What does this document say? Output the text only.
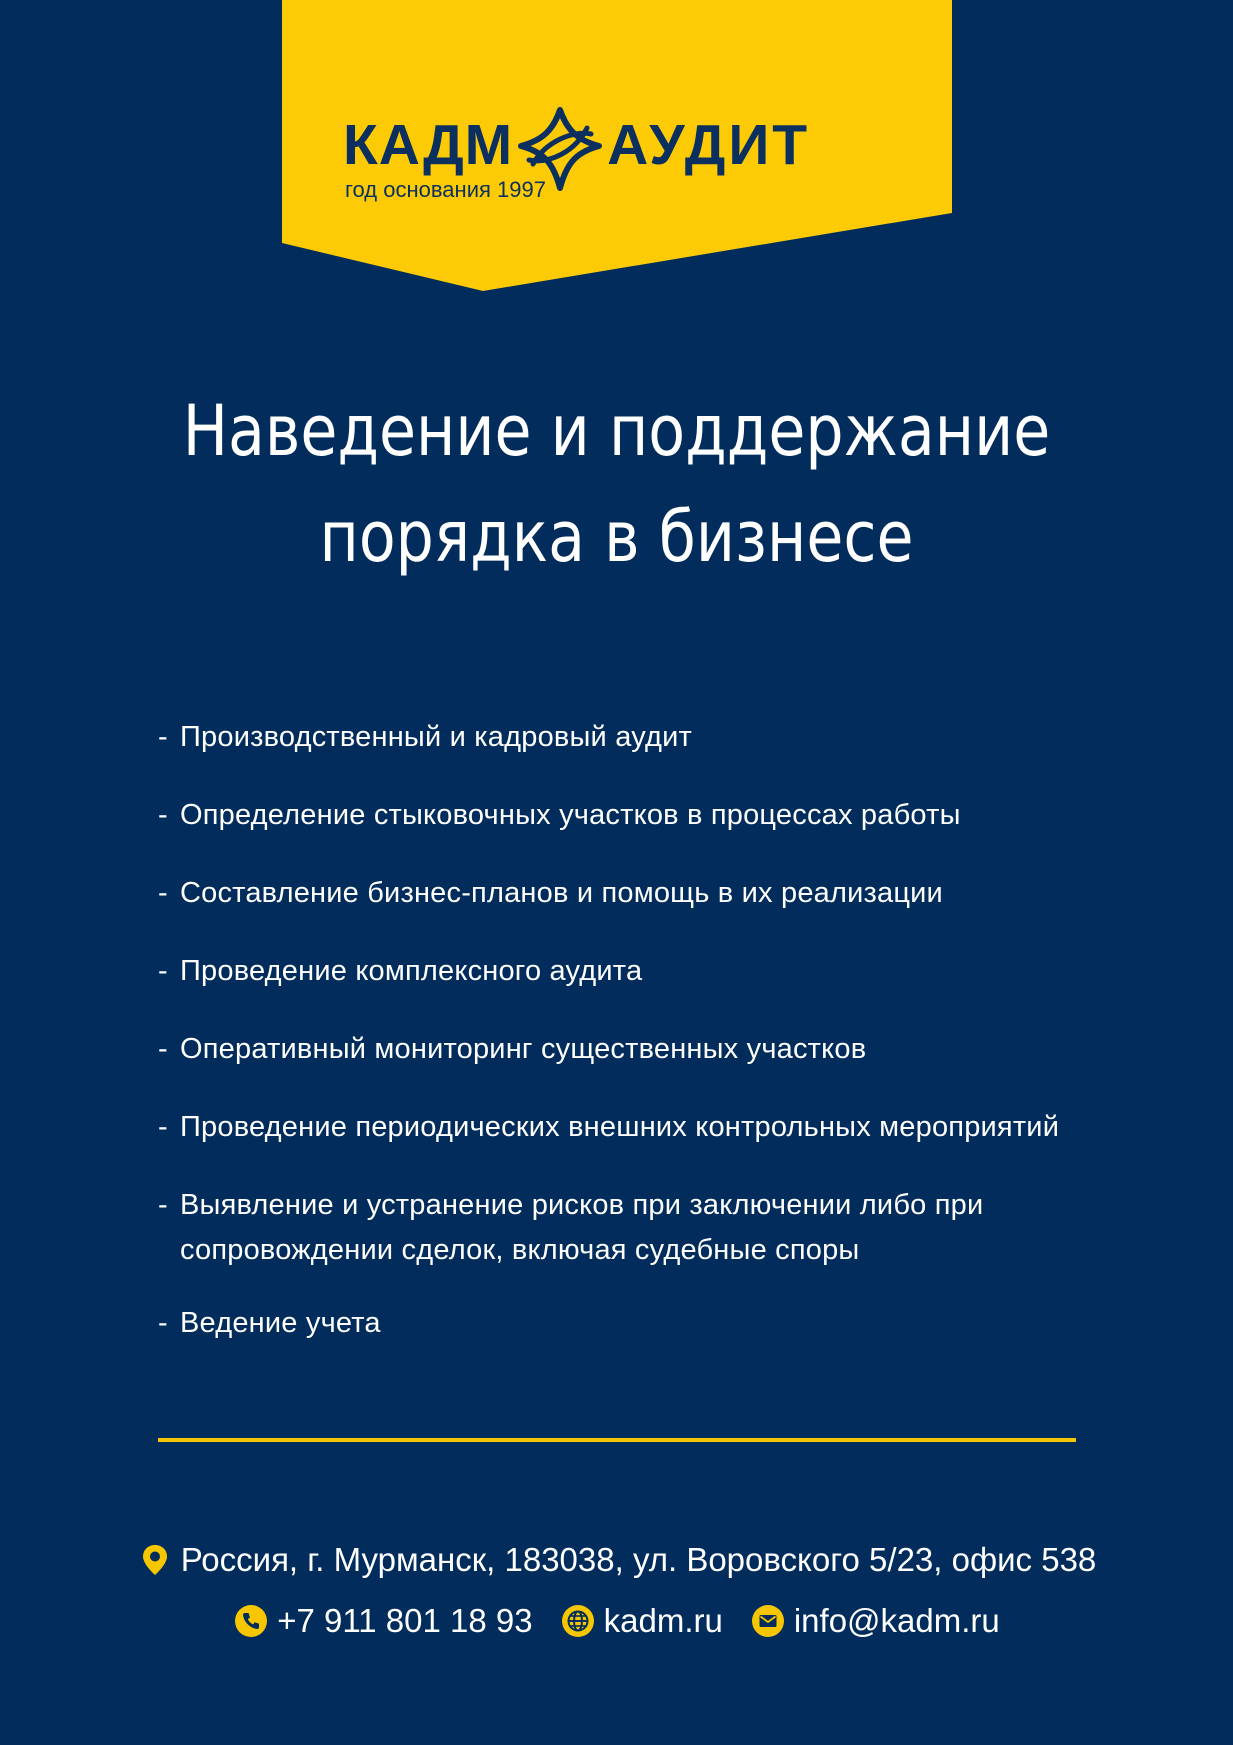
КАДМ АУДИТ
год основания 1997
Наведение и поддержание
порядка в бизнесе
- Производственный и кадровый аудит
- Определение стыковочных участков в процессах работы
- Составление бизнес-планов и помощь в их реализации
- Проведение комплексного аудита
- Оперативный мониторинг существенных участков
- Проведение периодических внешних контрольных мероприятий
- Выявление и устранение рисков при заключении либо при сопровождении сделок, включая судебные споры
- Ведение учета
Россия, г. Мурманск, 183038, ул. Воровского 5/23, офис 538
+7 911 801 18 93 kadm.ru info@kadm.ru
